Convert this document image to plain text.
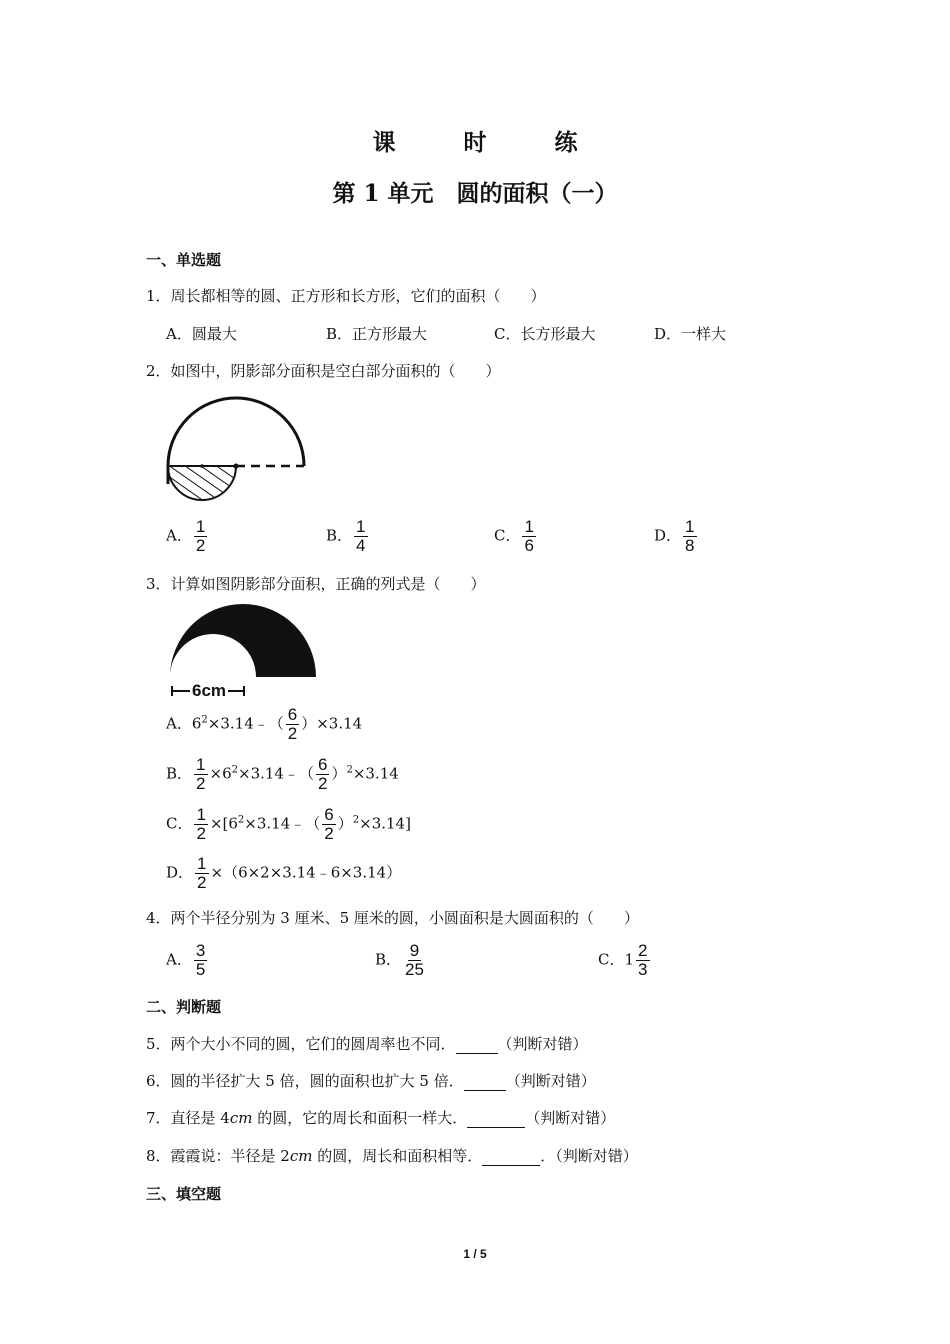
课 时 练
第 1 单元　圆的面积（一）
一、单选题
1．周长都相等的圆、正方形和长方形，它们的面积（　　）
A．圆最大	B．正方形最大	C．长方形最大	D．一样大
2．如图中，阴影部分面积是空白部分面积的（　　）
A． $\frac{1}{2}$	B． $\frac{1}{4}$	C． $\frac{1}{6}$	D． $\frac{1}{8}$
3．计算如图阴影部分面积，正确的列式是（　　）
6cm
A．$6^2\times 3.14﹣( \frac{6}{2} )\times 3.14$
B． $\frac{1}{2}$ $\times 6^2\times 3.14﹣( \frac{6}{2} )^2\times 3.14$
C． $\frac{1}{2}$ $\times[6^2\times 3.14﹣( \frac{6}{2} )^2\times 3.14]$
D． $\frac{1}{2}$ ×（6×2×3.14﹣6×3.14）
4．两个半径分别为 3 厘米、5 厘米的圆，小圆面积是大圆面积的（　　）
A． $\frac{3}{5}$	B． $\frac{9}{25}$	C．$1 \frac{2}{3}$
二、判断题
5．两个大小不同的圆，它们的圆周率也不同．	（判断对错）
6．圆的半径扩大 5 倍，圆的面积也扩大 5 倍．	（判断对错）
7．直径是 4cm 的圆，它的周长和面积一样大．	（判断对错）
8．霞霞说：半径是 2cm 的圆，周长和面积相等．	．（判断对错）
三、填空题
1 / 5
